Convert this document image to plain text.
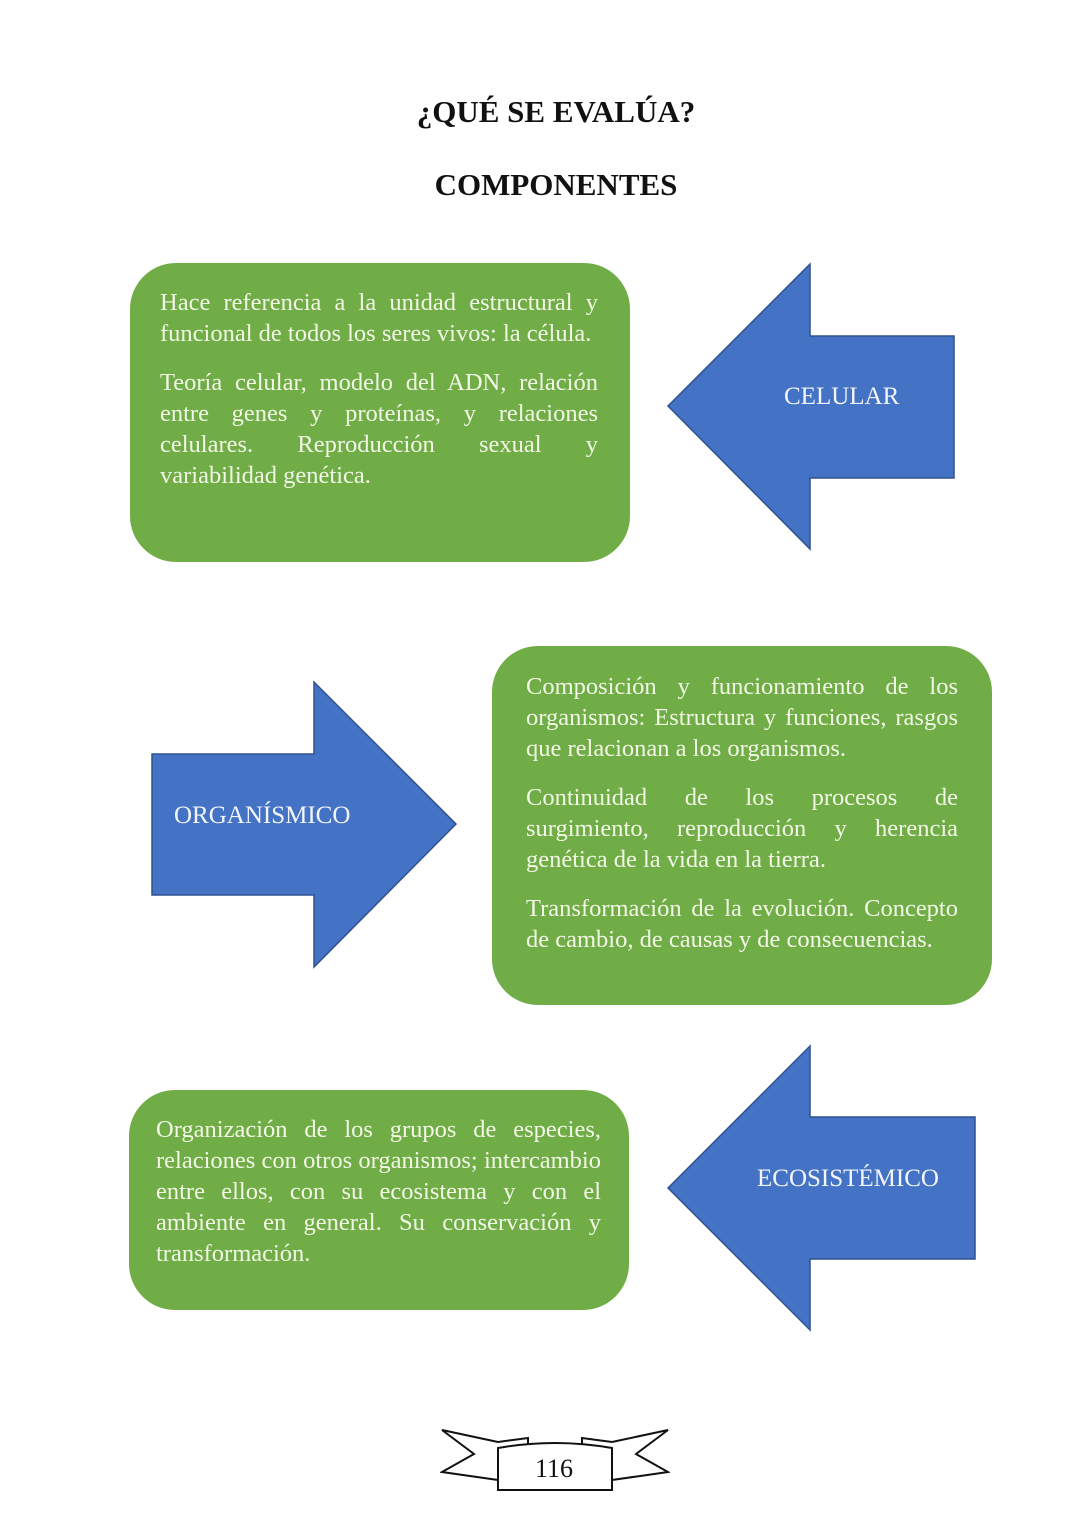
¿QUÉ SE EVALÚA?
COMPONENTES
CELULAR
ORGANÍSMICO
ECOSISTÉMICO

Hace referencia a la unidad estructural y funcional de todos los seres vivos: la célula.

Teoría celular, modelo del ADN, relación entre genes y proteínas, y relaciones celulares. Reproducción sexual y variabilidad genética.

Composición y funcionamiento de los organismos: Estructura y funciones, rasgos que relacionan a los organismos.

Continuidad de los procesos de surgimiento, reproducción y herencia genética de la vida en la tierra.

Transformación de la evolución. Concepto de cambio, de causas y de consecuencias.

Organización de los grupos de especies, relaciones con otros organismos; intercambio entre ellos, con su ecosistema y con el ambiente en general. Su conservación y transformación.

116
